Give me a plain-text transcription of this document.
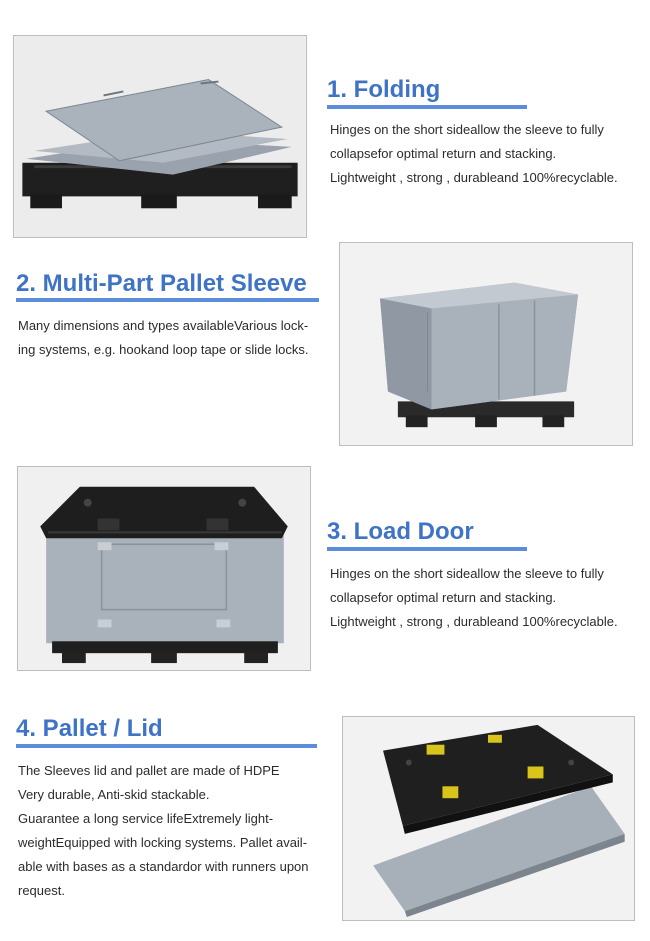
1. Folding

Hinges on the short sideallow the sleeve to fully

collapsefor optimal return and stacking.

Lightweight , strong , durableand 100%recyclable.

2. Multi-Part Pallet Sleeve

Many dimensions and types availableVarious lock-

ing systems, e.g. hookand loop tape or slide locks.

3. Load Door

Hinges on the short sideallow the sleeve to fully

collapsefor optimal return and stacking.

Lightweight , strong , durableand 100%recyclable.

4. Pallet / Lid

The Sleeves lid and pallet are made of HDPE

Very durable, Anti-skid stackable.

Guarantee a long service lifeExtremely light-

weightEquipped with locking systems. Pallet avail-

able with bases as a standardor with runners upon

request.
